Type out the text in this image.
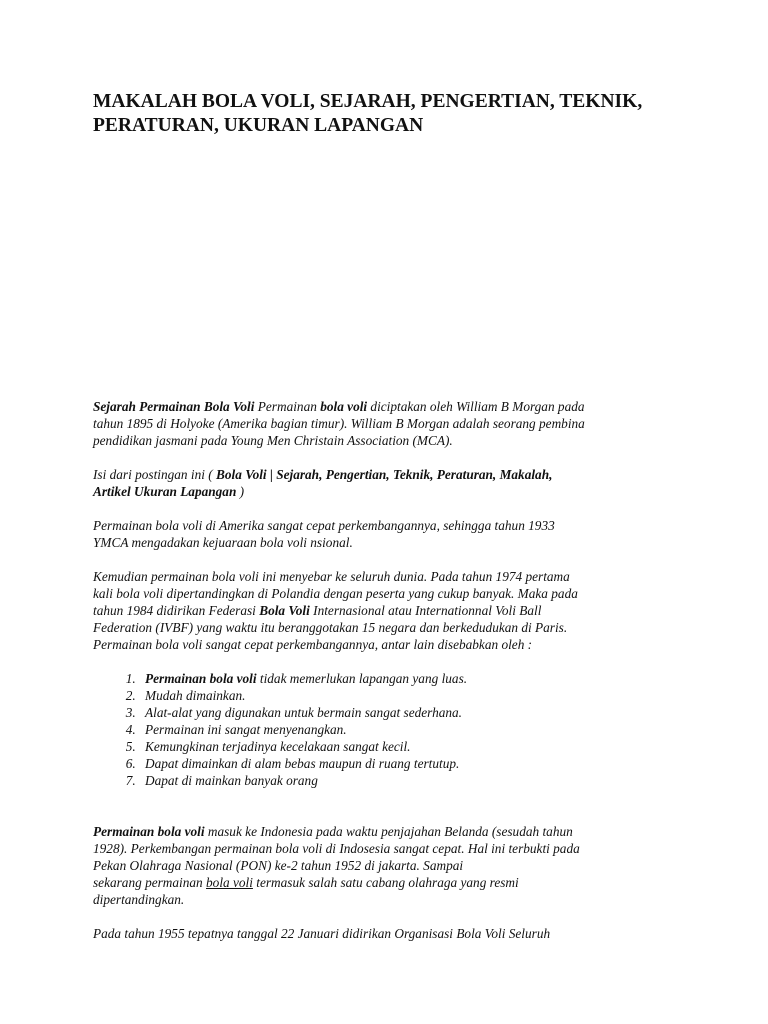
MAKALAH BOLA VOLI, SEJARAH, PENGERTIAN, TEKNIK, PERATURAN, UKURAN LAPANGAN

Sejarah Permainan Bola Voli Permainan bola voli diciptakan oleh William B Morgan pada
tahun 1895 di Holyoke (Amerika bagian timur). William B Morgan adalah seorang pembina
pendidikan jasmani pada Young Men Christain Association (MCA).

Isi dari postingan ini ( Bola Voli | Sejarah, Pengertian, Teknik, Peraturan, Makalah,
Artikel Ukuran Lapangan )

Permainan bola voli di Amerika sangat cepat perkembangannya, sehingga tahun 1933
YMCA mengadakan kejuaraan bola voli nsional.

Kemudian permainan bola voli ini menyebar ke seluruh dunia. Pada tahun 1974 pertama
kali bola voli dipertandingkan di Polandia dengan peserta yang cukup banyak. Maka pada
tahun 1984 didirikan Federasi Bola Voli Internasional atau Internationnal Voli Ball
Federation (IVBF) yang waktu itu beranggotakan 15 negara dan berkedudukan di Paris.
Permainan bola voli sangat cepat perkembangannya, antar lain disebabkan oleh :

1. Permainan bola voli tidak memerlukan lapangan yang luas.
2. Mudah dimainkan.
3. Alat-alat yang digunakan untuk bermain sangat sederhana.
4. Permainan ini sangat menyenangkan.
5. Kemungkinan terjadinya kecelakaan sangat kecil.
6. Dapat dimainkan di alam bebas maupun di ruang tertutup.
7. Dapat di mainkan banyak orang

Permainan bola voli masuk ke Indonesia pada waktu penjajahan Belanda (sesudah tahun
1928). Perkembangan permainan bola voli di Indosesia sangat cepat. Hal ini terbukti pada
Pekan Olahraga Nasional (PON) ke-2 tahun 1952 di jakarta. Sampai
sekarang permainan bola voli termasuk salah satu cabang olahraga yang resmi
dipertandingkan.

Pada tahun 1955 tepatnya tanggal 22 Januari didirikan Organisasi Bola Voli Seluruh
